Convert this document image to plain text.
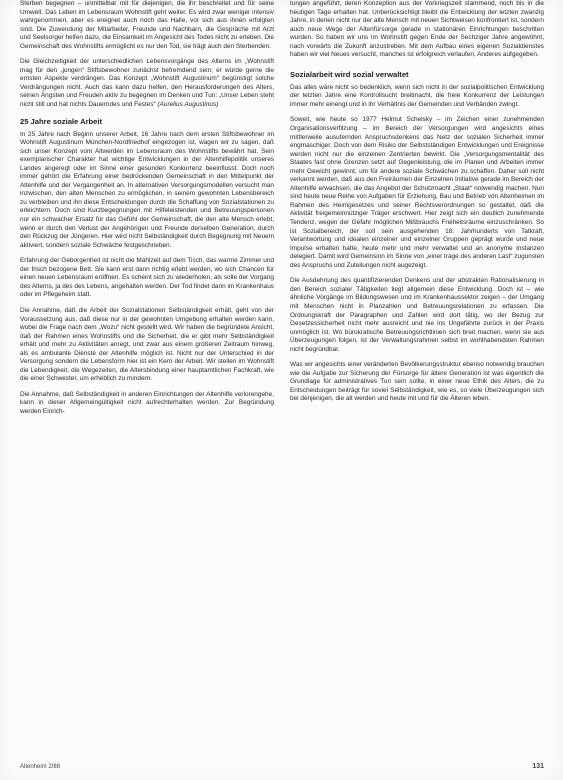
Sterben begegnen – unmittelbar mit für diejenigen, die ihr beschreitet und für seine Umwelt. Das Leben im Lebensraum Wohnstift geht weiter. Es wird zwar weniger intensiv wahrgenommen, aber es ereignet auch noch das Halle, vor sich aus ihnen erfolgten sind. Die Zuwendung der Mitarbeiter, Freunde und Nachbarn, die Gespräche mit Arzt und Seelsorger helfen dazu, die Einsamkeit im Angesicht des Todes nicht zu erleben. Die Gemeinschaft des Wohnstifts ermöglicht es nur den Tod, sie trägt auch den Sterbenden.

Die Gleichzeitigkeit der unterschiedlichen Lebensvorgänge des Alterns im „Wohnstift mag für den „jungen“ Stiftsbewohner zunächst befremdend sein; er würde gerne die ernsten Aspekte verdrängen. Das Konzept „Wohnstift Augustinum“ begünstigt solche Verdrängungen nicht. Auch das kann dazu helfen, den Herausforderungen des Alters, seinen Ängsten und Freuden aktiv zu begegnen im Denken und Tun: „Unser Leben steht nicht still und hat nichts Dauerndes und Festes“ (Aurelius Augustinus)

25 Jahre soziale Arbeit

In 25 Jahre nach Beginn unserer Arbeit, 16 Jahre nach dem ersten Stiftsbewohner im Wohnstift Augustinum München-Nordfriedhof eingezogen ist, wagen wir zu sagen, daß sich unser Konzept vom Altwerden im Lebensraum des Wohnstifts bewährt hat. Sein exemplarischer Charakter hat wichtige Entwicklungen in der Altenhilfepolitik unseres Landes angeregt oder im Sinne einer gesunden Konkurrenz beeinflusst. Doch noch immer gehört die Erfahrung einer bedrückenden Gemeinschaft in den Mittelpunkt der Altenhilfe und der Vergangenheit an. In alternativen Versorgungsmodellen versucht man inzwischen, den alten Menschen zu ermöglichen, in seinem gewohnten Lebensbereich zu verbleiben und ihn diese Entscheidungen durch die Schaffung von Sozialstationen zu erleichtern. Doch sind Kurzbegegnungen mit Hilfeleistenden und Betreuungspersonen nur ein schwacher Ersatz für das Gefühl der Gemeinschaft, die den alte Mensch erlebt, wenn er durch den Verlust der Angehörigen und Freunde derselben Generation, durch den Rückzug der Jüngeren. Hier wird nicht Selbständigkeit durch Begegnung mit Neuem aktiviert, sondern soziale Schwäche festgeschrieben.

Erfahrung der Geborgenheit ist nicht die Mahlzeit auf dem Tisch, das warme Zimmer und der frisch bezogene Bett. Sie kann erst dann richtig erlebt werden, wo sich Chancen für einen neuen Lebensraum eröffnen. Es scheint sich zu wiederholen, als solle der Vorgang des Alterns, ja des des Lebens, angehalten werden. Der Tod findet dann im Krankenhaus oder im Pflegeheim statt.

Die Annahme, daß die Arbeit der Sozialstationen Selbständigkeit erhält, geht von der Voraussetzung aus, daß diese nur in der gewohnten Umgebung erhalten werden kann, wobei die Frage nach dem „Wozu“ nicht gestellt wird. Wir haben die begründete Ansicht, daß der Rahmen eines Wohnstifts und die Sicherheit, die er gibt mehr Selbständigkeit erhält und mehr zu Aktivitäten anregt, und zwar aus einem größeren Zeitraum hinweg, als es ambulante Dienste der Altenhilfe möglich ist. Nicht nur der Unterschied in der Versorgung sondern die Lebensform hier ist ein Kern der Arbeit. Wir stellen im Wohnstift die Lebendigkeit, die Wegezeiten, die Altersbindung einer hauptamtlichen Fachkraft, wie die einer Schwester, um erheblich zu mindern.

Die Annahme, daß Selbständigkeit in anderen Einrichtungen der Altenhilfe verlorengehe, kann in dieser Allgemeingültigkeit nicht aufrechterhalten werden. Zur Begründung werden Einrich-

tungen angeführt, deren Konzeption aus der Vorkriegszeit stammend, noch bis in die heutigen Tage erhalten hat. Unberücksichtigt bleibt die Entwicklung der letzten zwanzig Jahre, in denen nicht nur der alte Mensch mit neuen Sichtweisen konfrontiert ist, sondern auch neue Wege der Altenfürsorge gerade in stationären Einrichtungen beschritten wurden. So haben wir uns im Wohnstift gegen Ende der Sechziger Jahre angewöhnt, nach vorwärts die Zukunft anzustreben. Mit dem Aufbau eines eigenen Sozialdienstes haben wir viel Neues versucht, manches ist erfolgreich verlaufen, Anderes aufgegeben.

Sozialarbeit wird sozial verwaltet

Das alles wäre nicht so bedenklich, wenn sich nicht in der sozialpolitischen Entwicklung der letzten Jahre eine Kontrollsucht breitmacht, die freie Konkurrenz der Leistungen immer mehr einengt und in ihr Verhältnis der Gemeinden und Verbänden zwingt.

Soweit, wie heute so 1977 Helmut Schelsky – im Zeichen einer zunehmenden Organisationsverfilzung – im Bereich der Versorgungen wird angesichts eines mittlerweile ausufernden Anspruchsdenkens das Netz der sozialen Sicherheit immer engmaschiger. Doch von dem Risiko der Selbstständigen Entwicklungen und Ereignisse werden nicht nur die einzelnen Zentrierten bewirkt. Die „Versorgungsmentalität des Staates fast ohne Grenzen setzt auf Gegenleistung, die im Planen und Arbeiten immer mehr Gewicht gewinnt, um für andere soziale Schwächen zu schaffen. Daher soll nicht verkannt werden, daß aus den Freiräumen der Einzelnen Initiative gerade im Bereich der Altenhilfe erwachsen, die das Angebot der Schutzmacht „Staat“ notwendig machen. Nun sind heute neue Reihe von Aufgaben für Erziehung, Bau und Betrieb von Altenheimen im Rahmen des Heimgesetzes und seiner Rechtsverordnungen so gestaltet, daß die Aktivität freigemeinnütziger Träger erschwert. Hier zeigt sich ein deutlich zunehmende Tendenz, wegen der Gefahr möglichen Mißbrauchs Freiheitsräume einzuschränken. So ist Sozialbereich, der soll sein ausgehenden 18. Jahrhunderts von Tatkraft, Verantwortung und idealen einzelner und einzelner Gruppen geprägt wurde und neue Impulse erhalten hatte, heute mehr und mehr verwaltet und an anonyme Instanzen delegiert. Damit wird Gemeinsinn im Sinne von „einer trage des anderen Last“ zugunsten des Anspruchs und Zuteilungen nicht augezeigt.

Die Ausdehnung des quantifizierenden Denkens und der abstrakten Rationalisierung in den Bereich sozialer Tätigkeiten liegt allgemein diese Entwicklung. Doch ist – wie ähnliche Vorgänge im Bildungswesen und im Krankenhaussektor zeigen – der Umgang mit Menschen nicht in Planzahlen und Betreuungsrelationen zu erfassen. Die Ordnungskraft der Paragraphen und Zahlen wird dort tätig, wo der Bezug zur Gesetzessicherheit nicht mehr ausreicht und nie ins Ungefährte zurück in der Praxis unmöglich ist. Wo bürokratische Betreuungsrichtlinien sich breit machen, wenn sie aus Überzeugungen folgen, ist der Verwaltungsrahmen selbst im wohlhabendsten Rahmen nicht begründbar.

Was wir angesichts einer veränderten Bevölkerungsstruktur ebenso notwendig brauchen wie die Aufgabe zur Sicherung der Fürsorge für ältere Generation ist was eigentlich die Grundlage für administratives Tun sein sollte, in einer neue Ethik des Alters, die zu Entscheidungen beiträgt für soviel Selbständigkeit, wie es, so viele Überzeugungen sich bei denjenigen, die alt werden und heute mit und für die Älteren leben.

Altenheim 2/88	131
